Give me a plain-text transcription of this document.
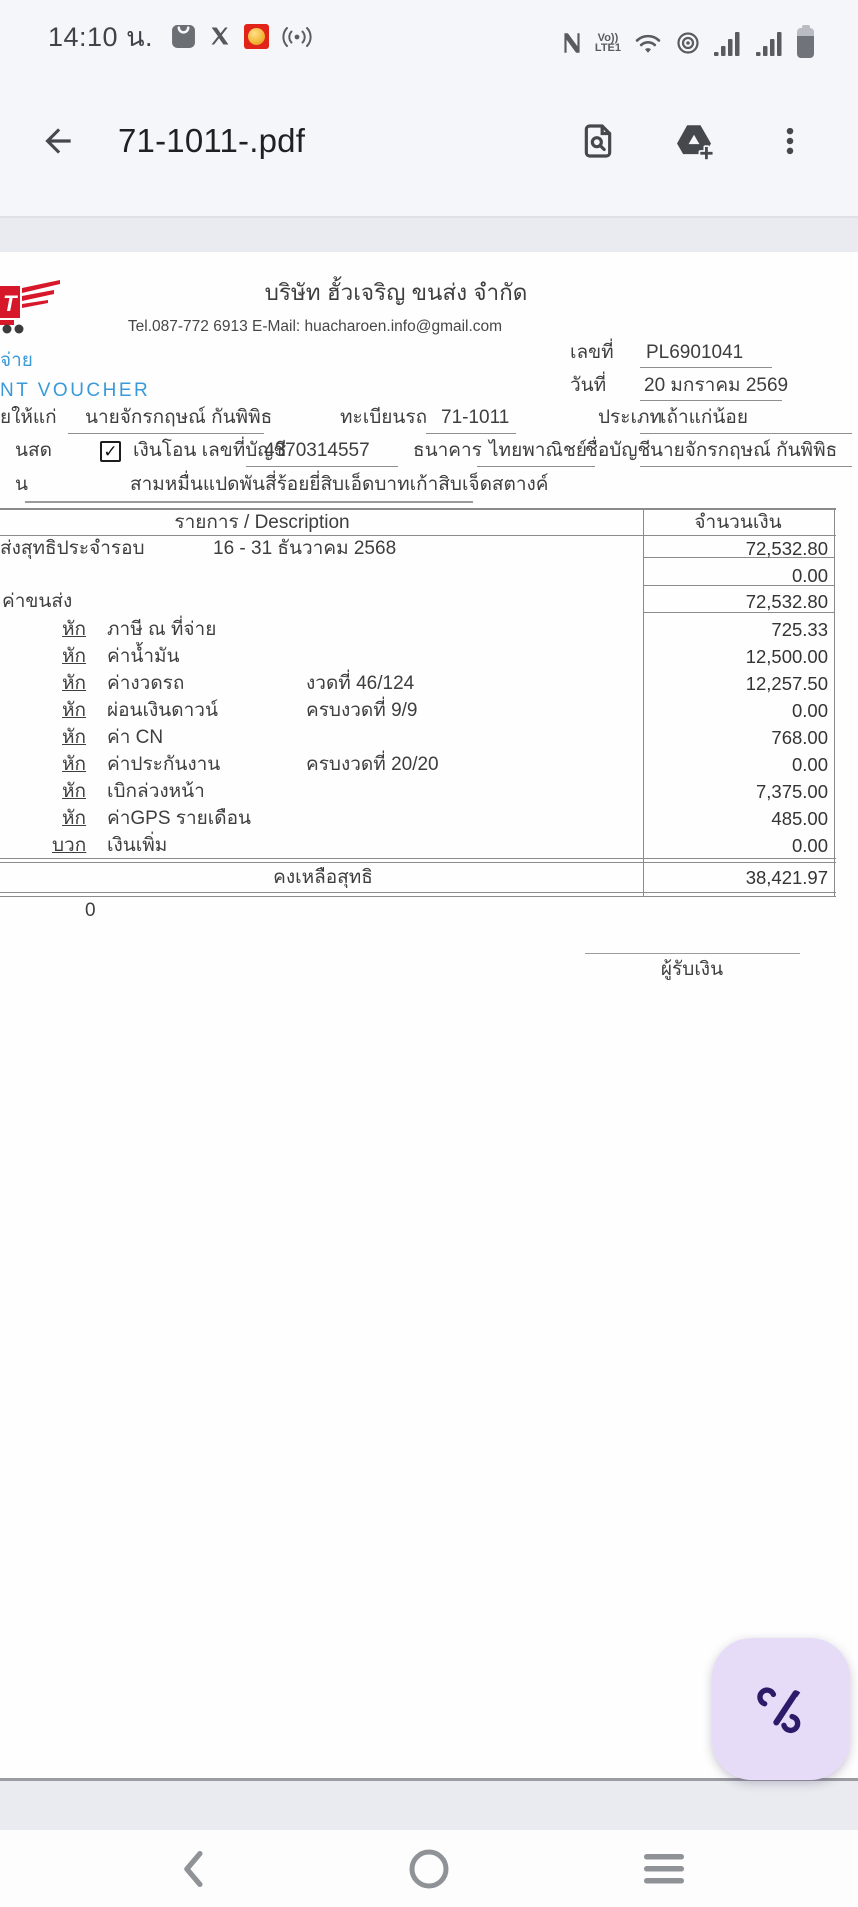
14:10 น.	Vo))
LTE1
71-1011-.pdf
T	บริษัท ฮั้วเจริญ ขนส่ง จำกัด
Tel.087-772 6913 E-Mail: huacharoen.info@gmail.com
เลขที่ PL6901041
จ่าย
วันที่ 20 มกราคม 2569
NT VOUCHER
ยให้แก่ นายจักรกฤษณ์ กันพิพิธ	ทะเบียนรถ 71-1011	ประเภท
เถ้าแก่น้อย
นสด	✓ เงินโอน เลขที่บัญชี
4370314557 ธนาคาร ไทยพาณิชย์
ชื่อบัญชี นายจักรกฤษณ์ กันพิพิธ
น	สามหมื่นแปดพันสี่ร้อยยี่สิบเอ็ดบาทเก้าสิบเจ็ดสตางค์
รายการ / Description	จำนวนเงิน
ส่งสุทธิประจำรอบ	16 - 31 ธันวาคม 2568	72,532.80
0.00
ค่าขนส่ง	72,532.80
หัก ภาษี ณ ที่จ่าย	725.33
หัก ค่าน้ำมัน	12,500.00
หัก ค่างวดรถ	งวดที่ 46/124	12,257.50
หัก ผ่อนเงินดาวน์	ครบงวดที่ 9/9	0.00
หัก ค่า CN	768.00
หัก ค่าประกันงาน	ครบงวดที่ 20/20	0.00
หัก เบิกล่วงหน้า	7,375.00
หัก ค่าGPS รายเดือน	485.00
บวก เงินเพิ่ม	0.00
คงเหลือสุทธิ	38,421.97
0
ผู้รับเงิน
